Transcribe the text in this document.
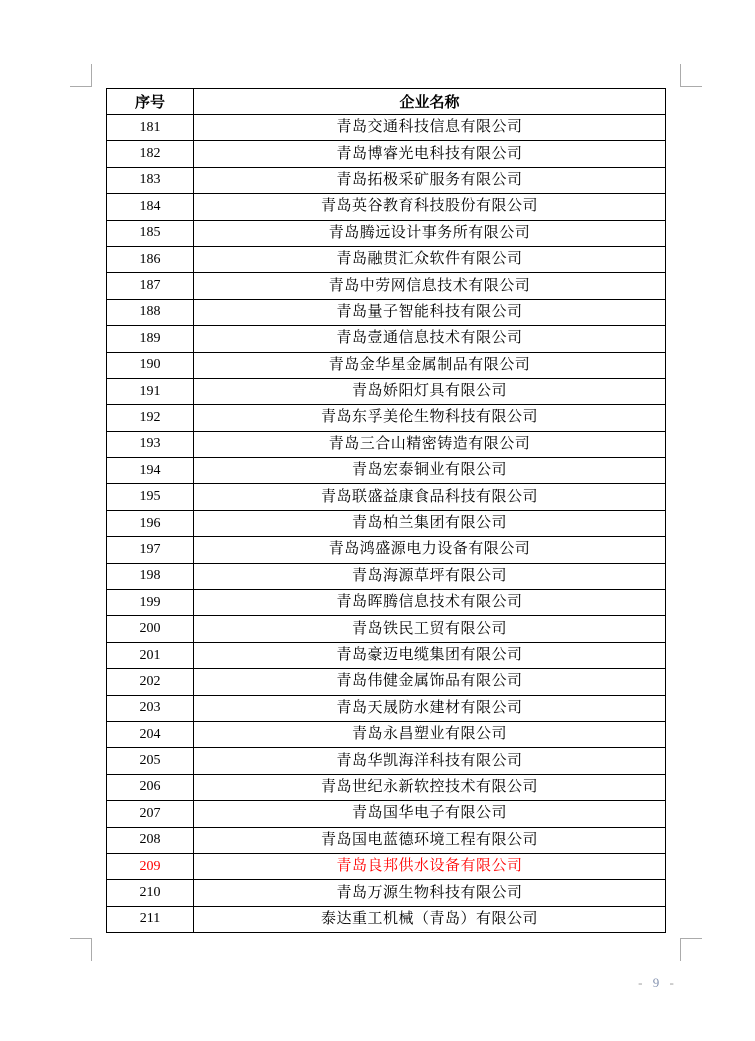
序号	企业名称
181	青岛交通科技信息有限公司
182	青岛博睿光电科技有限公司
183	青岛拓极采矿服务有限公司
184	青岛英谷教育科技股份有限公司
185	青岛腾远设计事务所有限公司
186	青岛融贯汇众软件有限公司
187	青岛中劳网信息技术有限公司
188	青岛量子智能科技有限公司
189	青岛壹通信息技术有限公司
190	青岛金华星金属制品有限公司
191	青岛娇阳灯具有限公司
192	青岛东孚美伦生物科技有限公司
193	青岛三合山精密铸造有限公司
194	青岛宏泰铜业有限公司
195	青岛联盛益康食品科技有限公司
196	青岛柏兰集团有限公司
197	青岛鸿盛源电力设备有限公司
198	青岛海源草坪有限公司
199	青岛晖腾信息技术有限公司
200	青岛铁民工贸有限公司
201	青岛豪迈电缆集团有限公司
202	青岛伟健金属饰品有限公司
203	青岛天晟防水建材有限公司
204	青岛永昌塑业有限公司
205	青岛华凯海洋科技有限公司
206	青岛世纪永新软控技术有限公司
207	青岛国华电子有限公司
208	青岛国电蓝德环境工程有限公司
209	青岛良邦供水设备有限公司
210	青岛万源生物科技有限公司
211	泰达重工机械（青岛）有限公司
- 9 -
